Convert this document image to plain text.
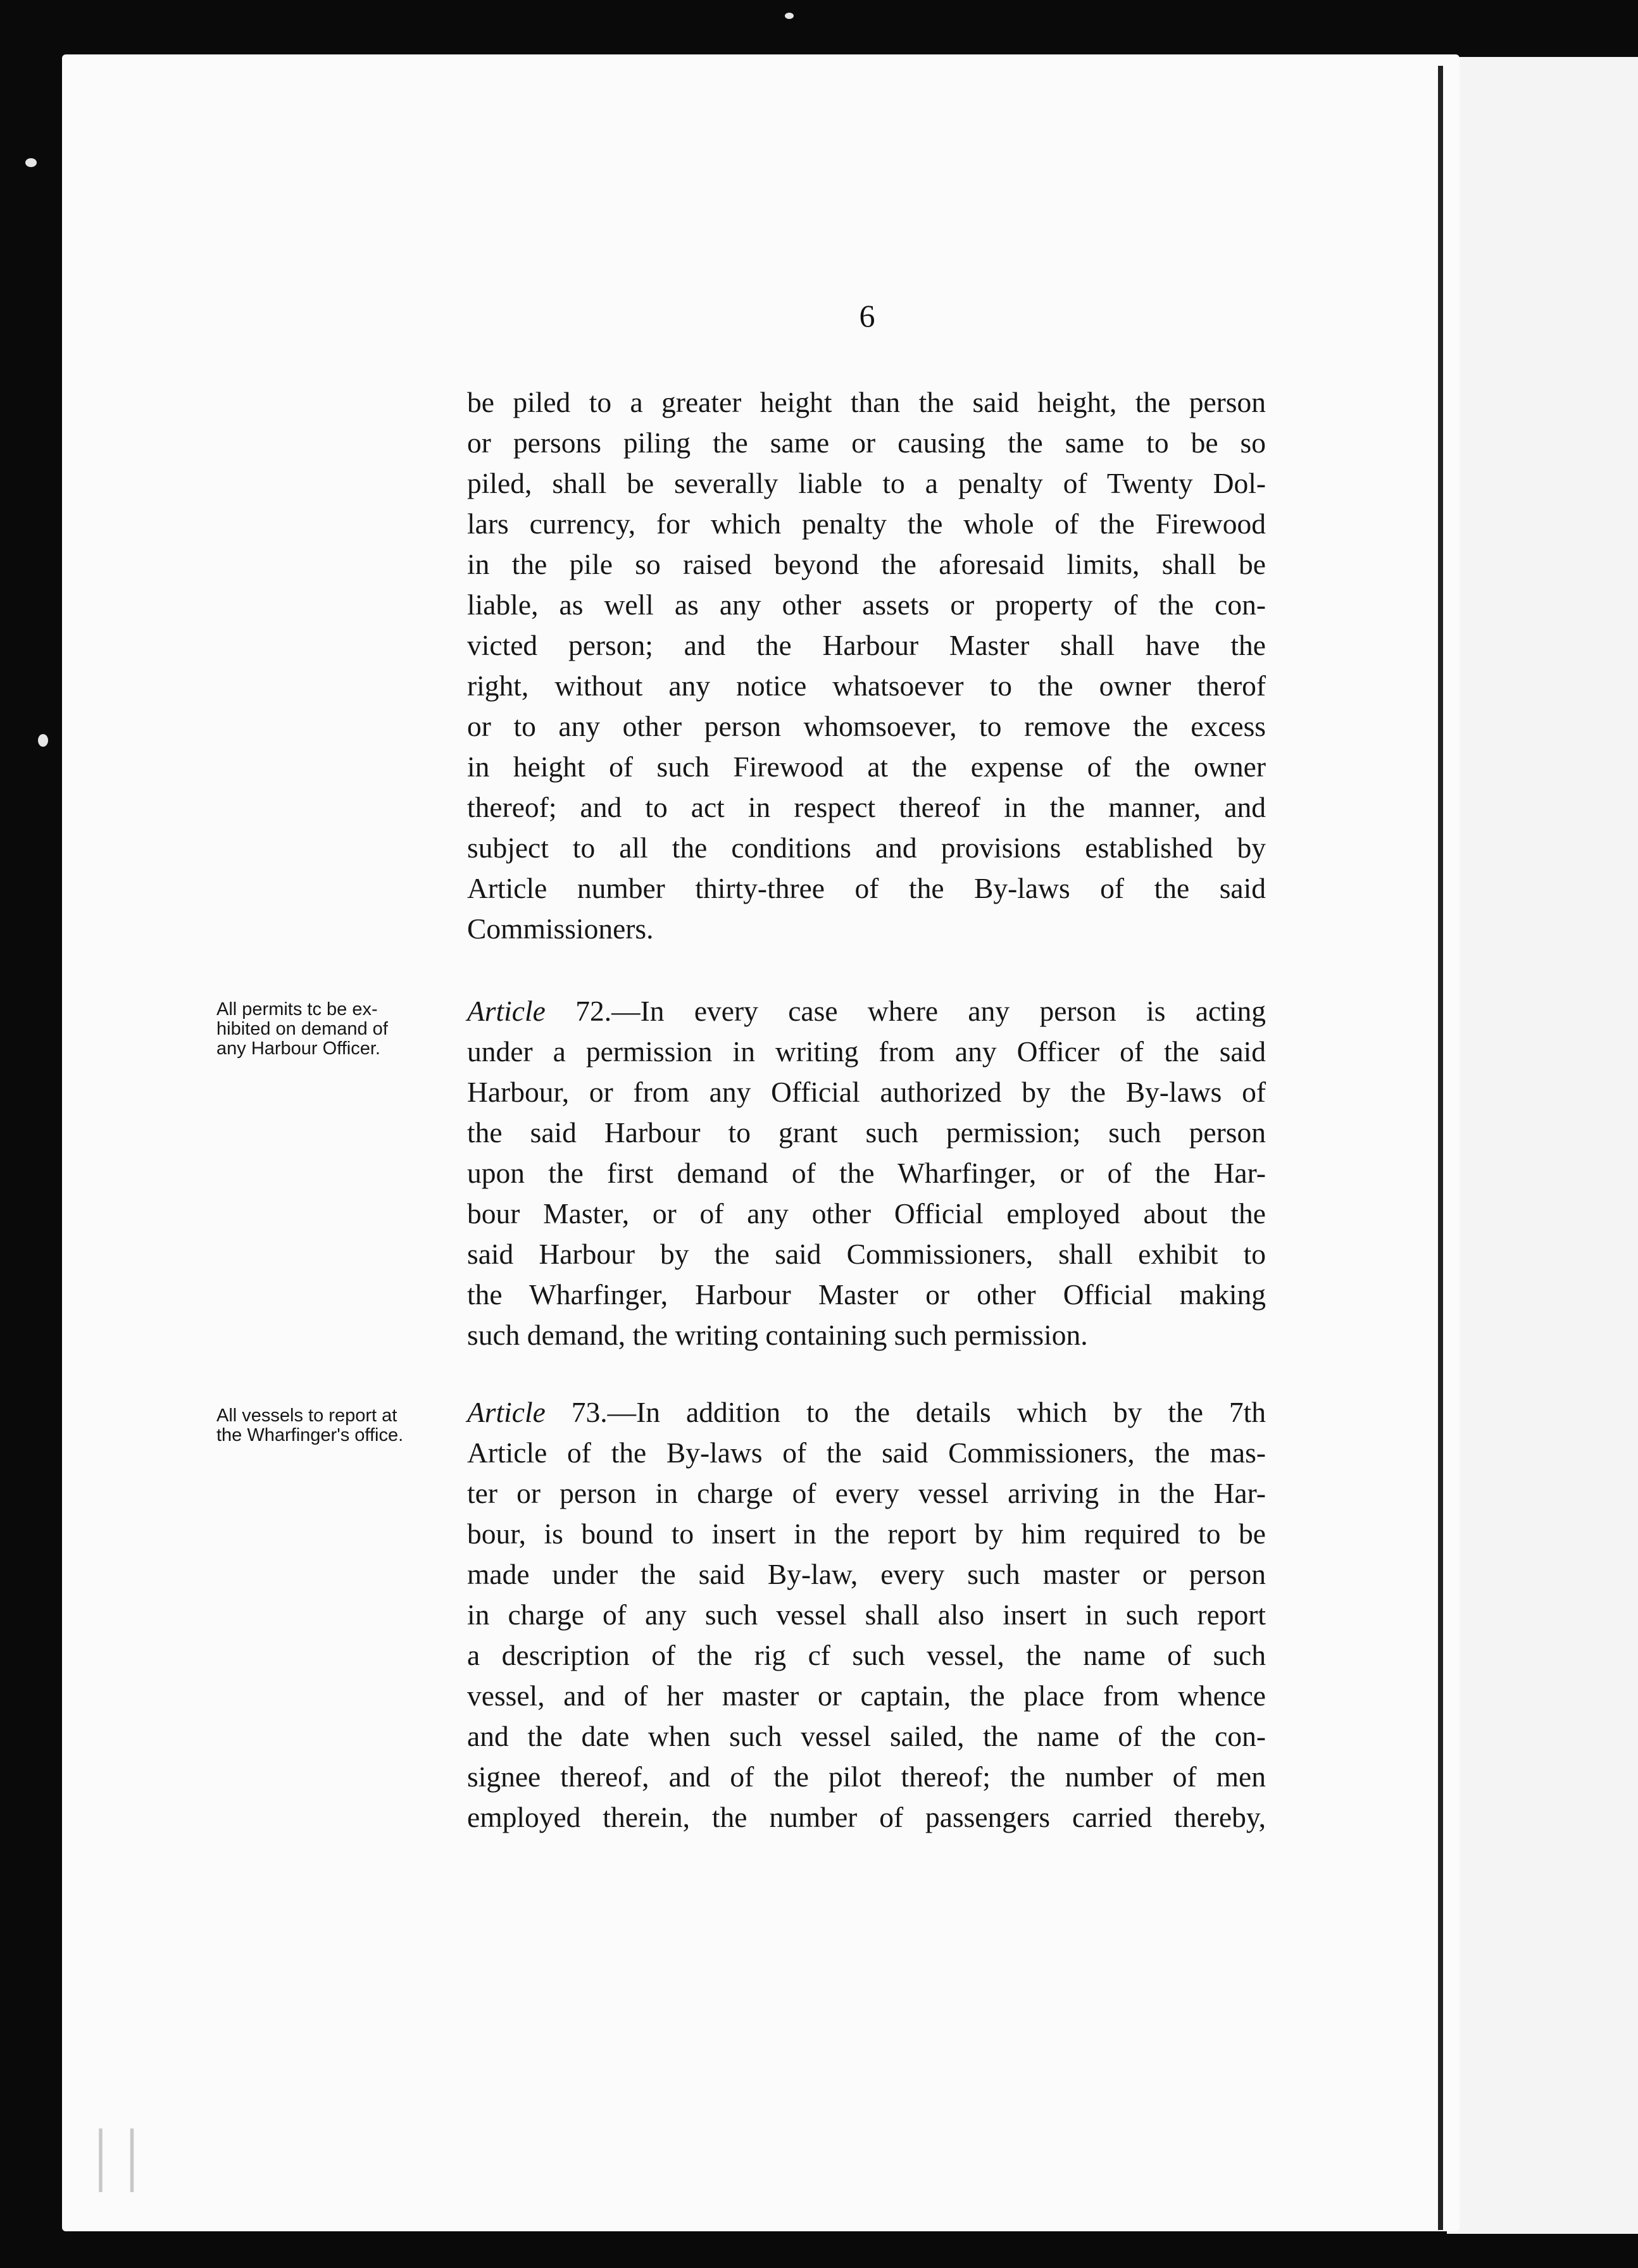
| |
6

be piled to a greater height than the said height, the person

or persons piling the same or causing the same to be so

piled, shall be severally liable to a penalty of Twenty Dol-

lars currency, for which penalty the whole of the Firewood

in the pile so raised beyond the aforesaid limits, shall be

liable, as well as any other assets or property of the con-

victed person; and the Harbour Master shall have the

right, without any notice whatsoever to the owner therof

or to any other person whomsoever, to remove the excess

in height of such Firewood at the expense of the owner

thereof; and to act in respect thereof in the manner, and

subject to all the conditions and provisions established by

Article number thirty-three of the By-laws of the said

Commissioners.

All permits tc be ex-
hibited on demand of
any Harbour Officer.

Article 72.—In every case where any person is acting

under a permission in writing from any Officer of the said

Harbour, or from any Official authorized by the By-laws of

the said Harbour to grant such permission; such person

upon the first demand of the Wharfinger, or of the Har-

bour Master, or of any other Official employed about the

said Harbour by the said Commissioners, shall exhibit to

the Wharfinger, Harbour Master or other Official making

such demand, the writing containing such permission.

All vessels to report at
the Wharfinger's office.

Article 73.—In addition to the details which by the 7th

Article of the By-laws of the said Commissioners, the mas-

ter or person in charge of every vessel arriving in the Har-

bour, is bound to insert in the report by him required to be

made under the said By-law, every such master or person

in charge of any such vessel shall also insert in such report

a description of the rig cf such vessel, the name of such

vessel, and of her master or captain, the place from whence

and the date when such vessel sailed, the name of the con-

signee thereof, and of the pilot thereof; the number of men

employed therein, the number of passengers carried thereby,
